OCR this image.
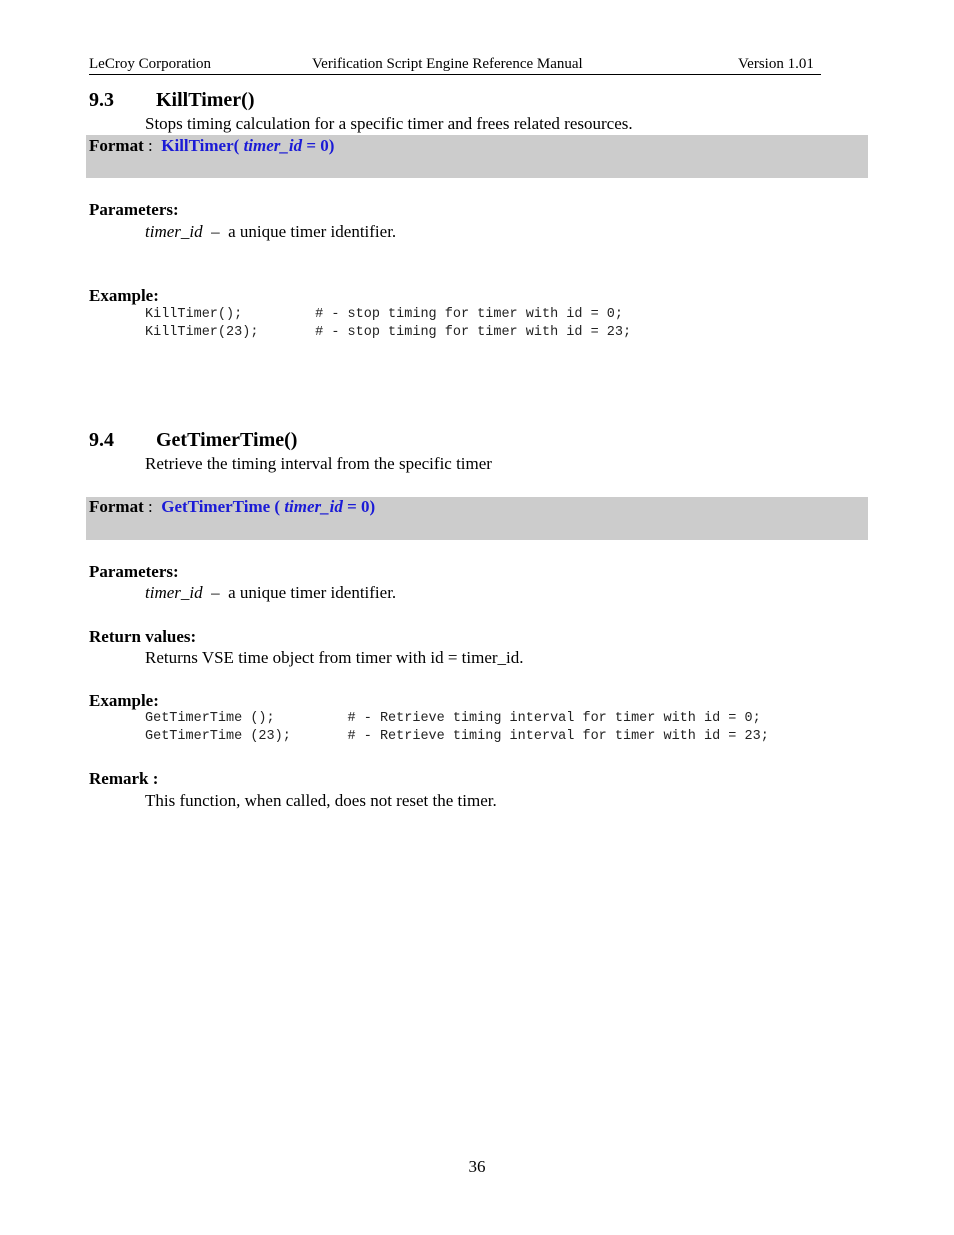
LeCroy Corporation	Verification Script Engine Reference Manual	Version 1.01
9.3 KillTimer()
Stops timing calculation for a specific timer and frees related resources.
Format :  KillTimer( timer_id = 0)
Parameters:
timer_id  –  a unique timer identifier.
Example:
KillTimer();         # - stop timing for timer with id = 0;
KillTimer(23);       # - stop timing for timer with id = 23;
9.4 GetTimerTime()
Retrieve the timing interval from the specific timer
Format :  GetTimerTime ( timer_id = 0)
Parameters:
timer_id  –  a unique timer identifier.
Return values:
Returns VSE time object from timer with id = timer_id.
Example:
GetTimerTime ();         # - Retrieve timing interval for timer with id = 0;
GetTimerTime (23);       # - Retrieve timing interval for timer with id = 23;
Remark :
This function, when called, does not reset the timer.
36
